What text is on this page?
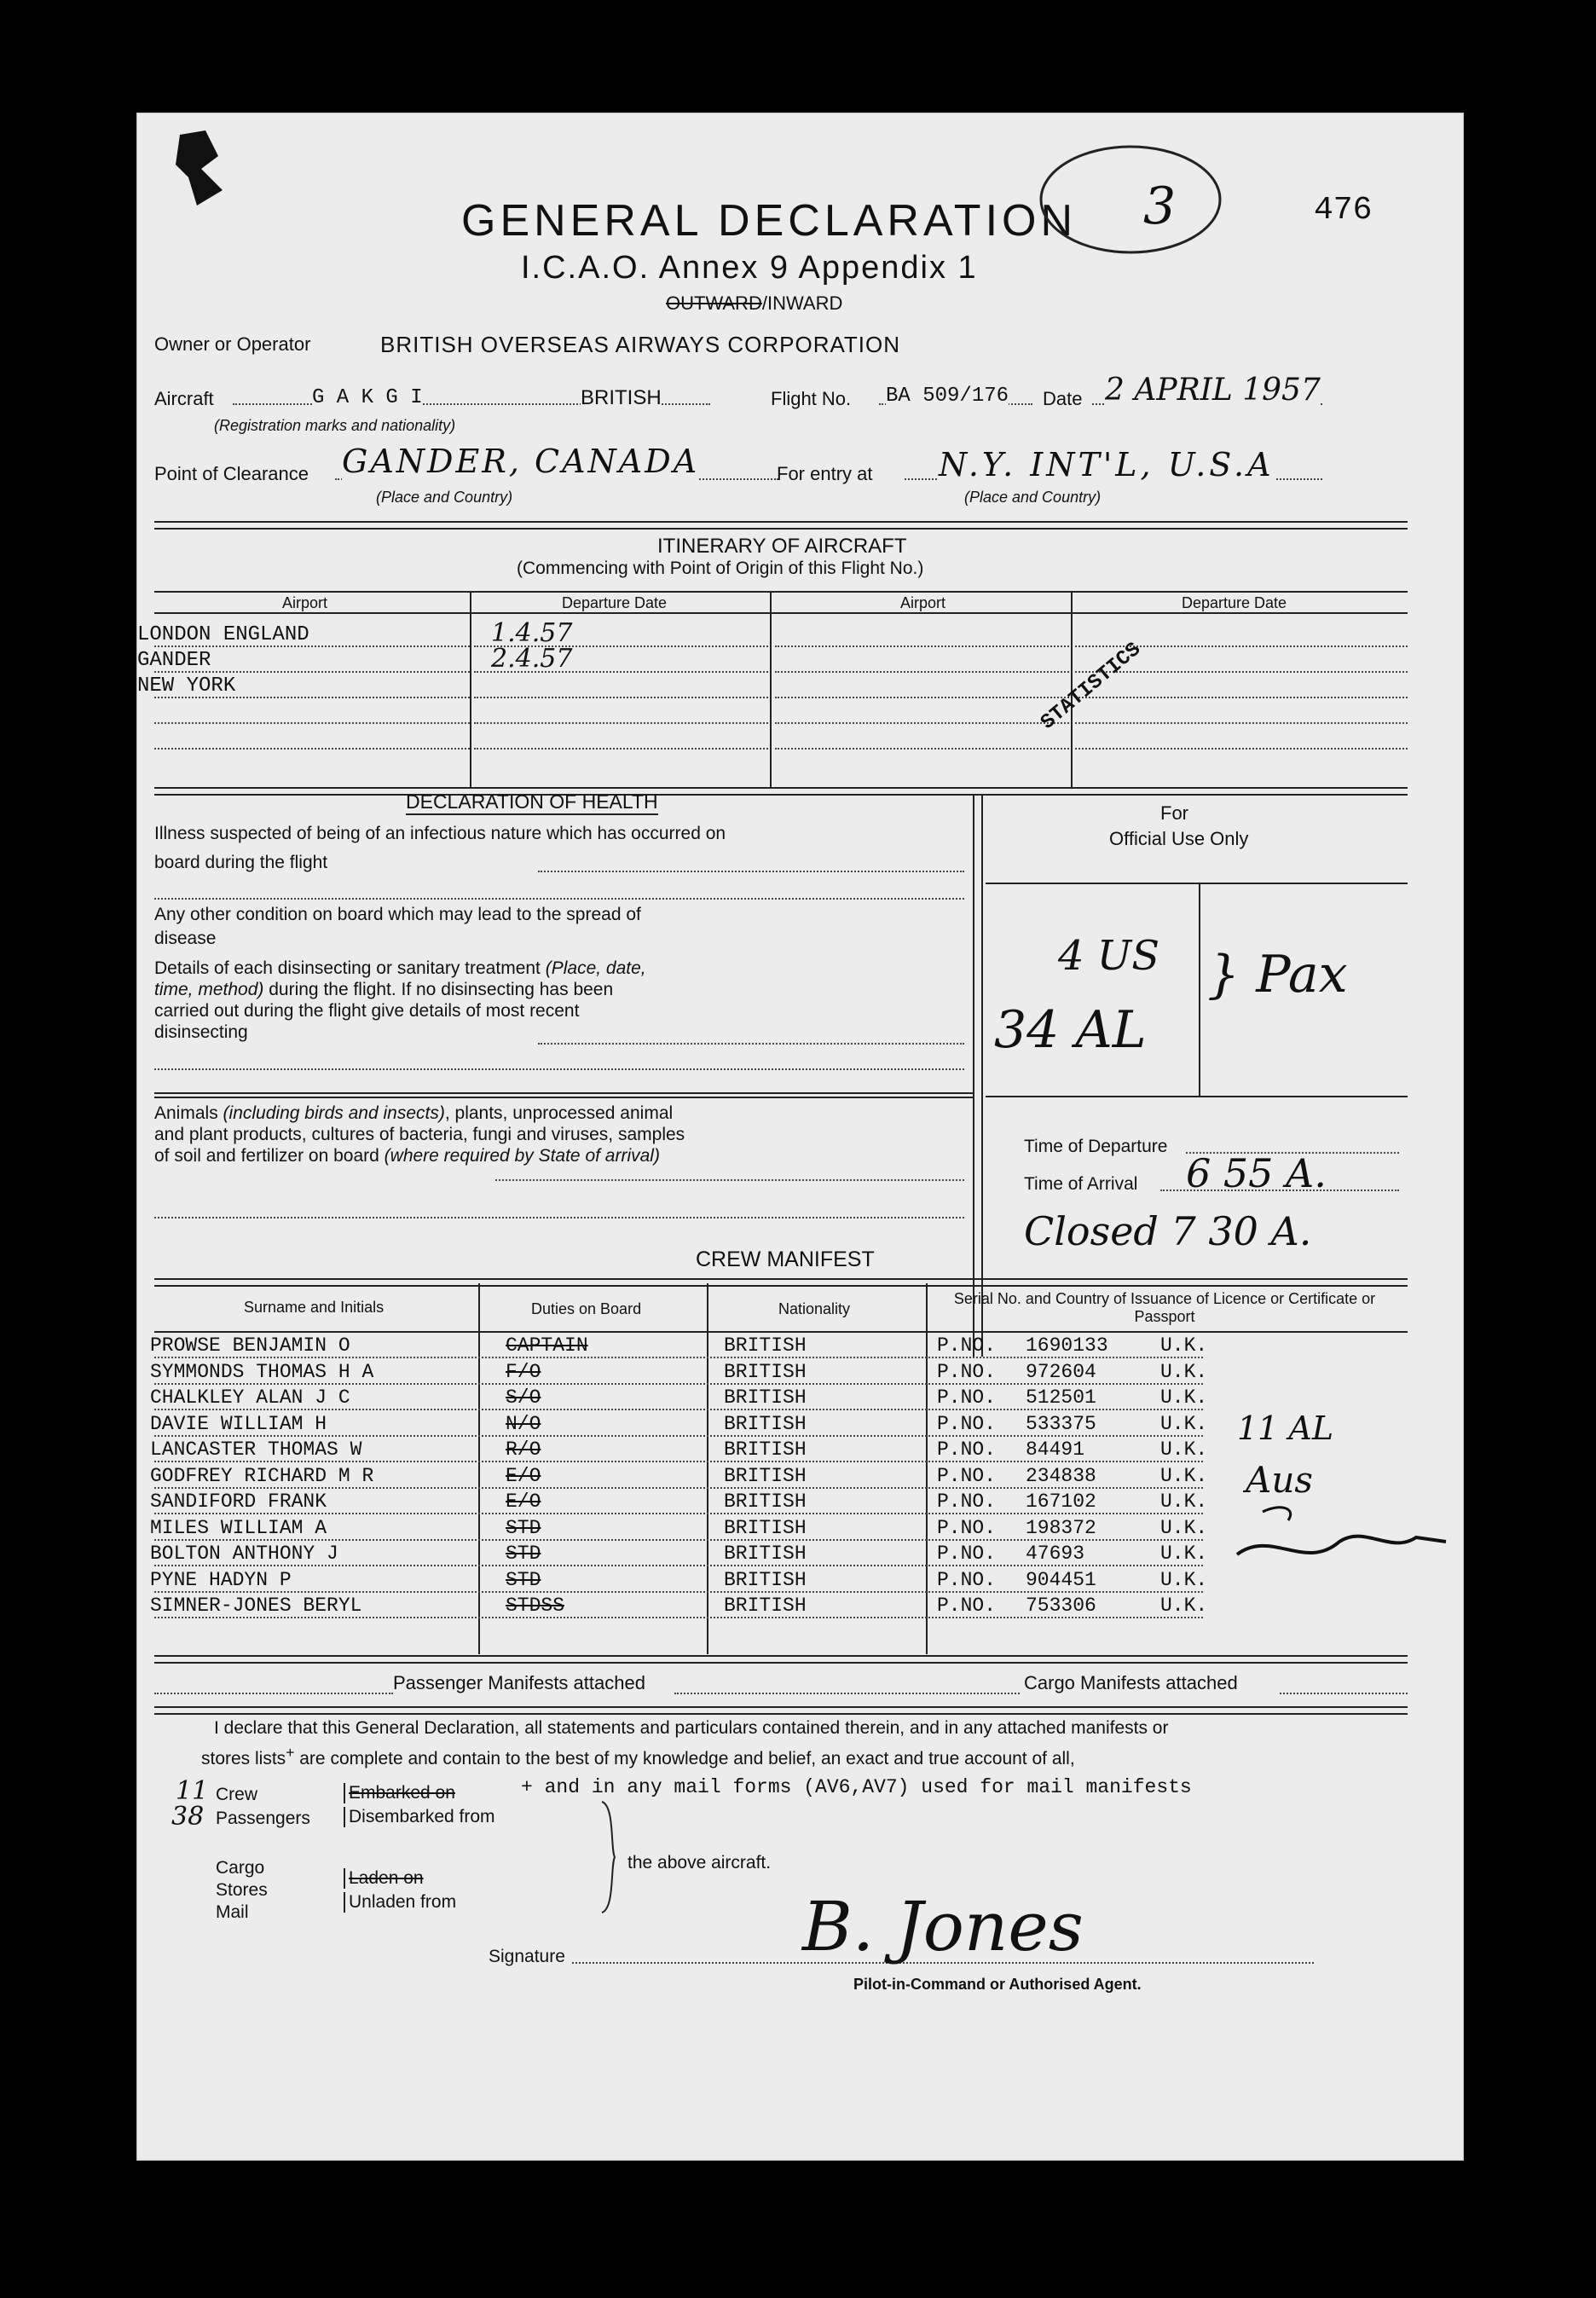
GENERAL DECLARATION 3	476
I.C.A.O. Annex 9 Appendix 1
OUTWARD/INWARD
Owner or Operator	BRITISH OVERSEAS AIRWAYS CORPORATION
Aircraft	G A K G I	BRITISH	Flight No. BA 509/176 Date 2 APRIL 1957
(Registration marks and nationality)
Point of Clearance GANDER, CANADA
(Place and Country)
For entry at N.Y. INT'L, U.S.A
(Place and Country)
ITINERARY OF AIRCRAFT
(Commencing with Point of Origin of this Flight No.)
Airport	Departure Date	Airport	Departure Date
LONDON ENGLAND	1.4.57
GANDER	2.4.57
NEW YORK	STATISTICS
DECLARATION OF HEALTH
Illness suspected of being of an infectious nature which has occurred on board during the flight
Any other condition on board which may lead to the spread of disease
Details of each disinsecting or sanitary treatment (Place, date, time, method) during the flight. If no disinsecting has been carried out during the flight give details of most recent disinsecting
Animals (including birds and insects), plants, unprocessed animal and plant products, cultures of bacteria, fungi and viruses, samples of soil and fertilizer on board (where required by State of arrival)
For
Official Use Only
4 US
34 AL
} Pax
Time of Departure
Time of Arrival 6 55 A.
Closed 7 30 A.
CREW MANIFEST
Surname and Initials	Duties on Board	Nationality
Serial No. and Country of Issuance of Licence or Certificate or Passport
PROWSE BENJAMIN O	CAPTAIN	BRITISH	P.NO. 1690133	U.K.
SYMMONDS THOMAS H A	F/O	BRITISH	P.NO. 972604	U.K.
CHALKLEY ALAN J C	S/O	BRITISH	P.NO. 512501	U.K.
DAVIE WILLIAM H	N/O	BRITISH	P.NO. 533375	U.K.
LANCASTER THOMAS W	R/O	BRITISH	P.NO. 84491	U.K.
GODFREY RICHARD M R	E/O	BRITISH	P.NO. 234838	U.K.
SANDIFORD FRANK	E/O	BRITISH	P.NO. 167102	U.K.
MILES WILLIAM A	STD	BRITISH	P.NO. 198372	U.K.
BOLTON ANTHONY J	STD	BRITISH	P.NO. 47693	U.K.
PYNE HADYN P	STD	BRITISH	P.NO. 904451	U.K.
SIMNER-JONES BERYL	STDSS	BRITISH	P.NO. 753306	U.K.
11 AL
Aus
Passenger Manifests attached	Cargo Manifests attached
I declare that this General Declaration, all statements and particulars contained therein, and in any attached manifests or
stores lists+ are complete and contain to the best of my knowledge and belief, an exact and true account of all,
+ and in any mail forms (AV6,AV7) used for mail manifests
11 Crew
38 Passengers
Embarked on
Disembarked from
Cargo
Stores
Mail
Laden on
Unladen from
the above aircraft.
Signature	B. Jones
Pilot-in-Command or Authorised Agent.
